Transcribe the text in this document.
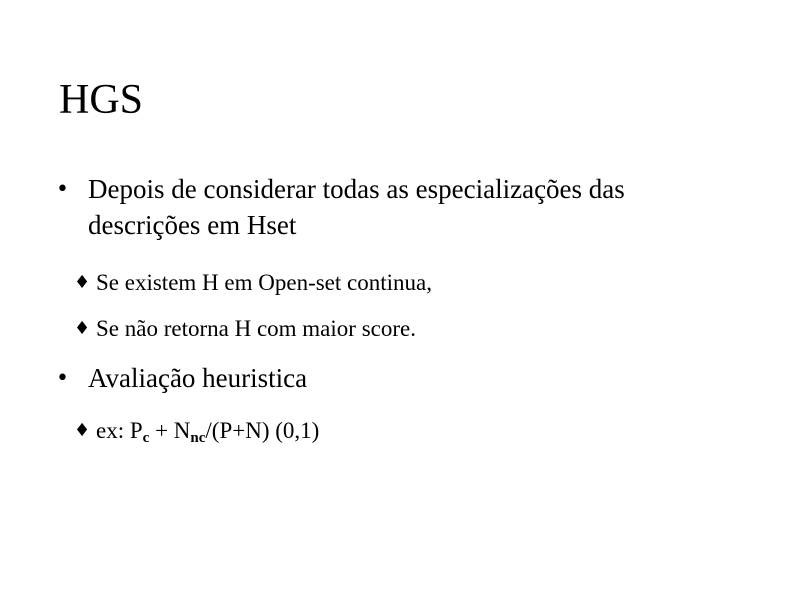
HGS
• Depois de considerar todas as especializações das
descrições em Hset
♦ Se existem H em Open-set continua,
♦ Se não retorna H com maior score.
• Avaliação heuristica
♦ ex: $P_c + N_{nc}/(P+N)$ (0,1)
